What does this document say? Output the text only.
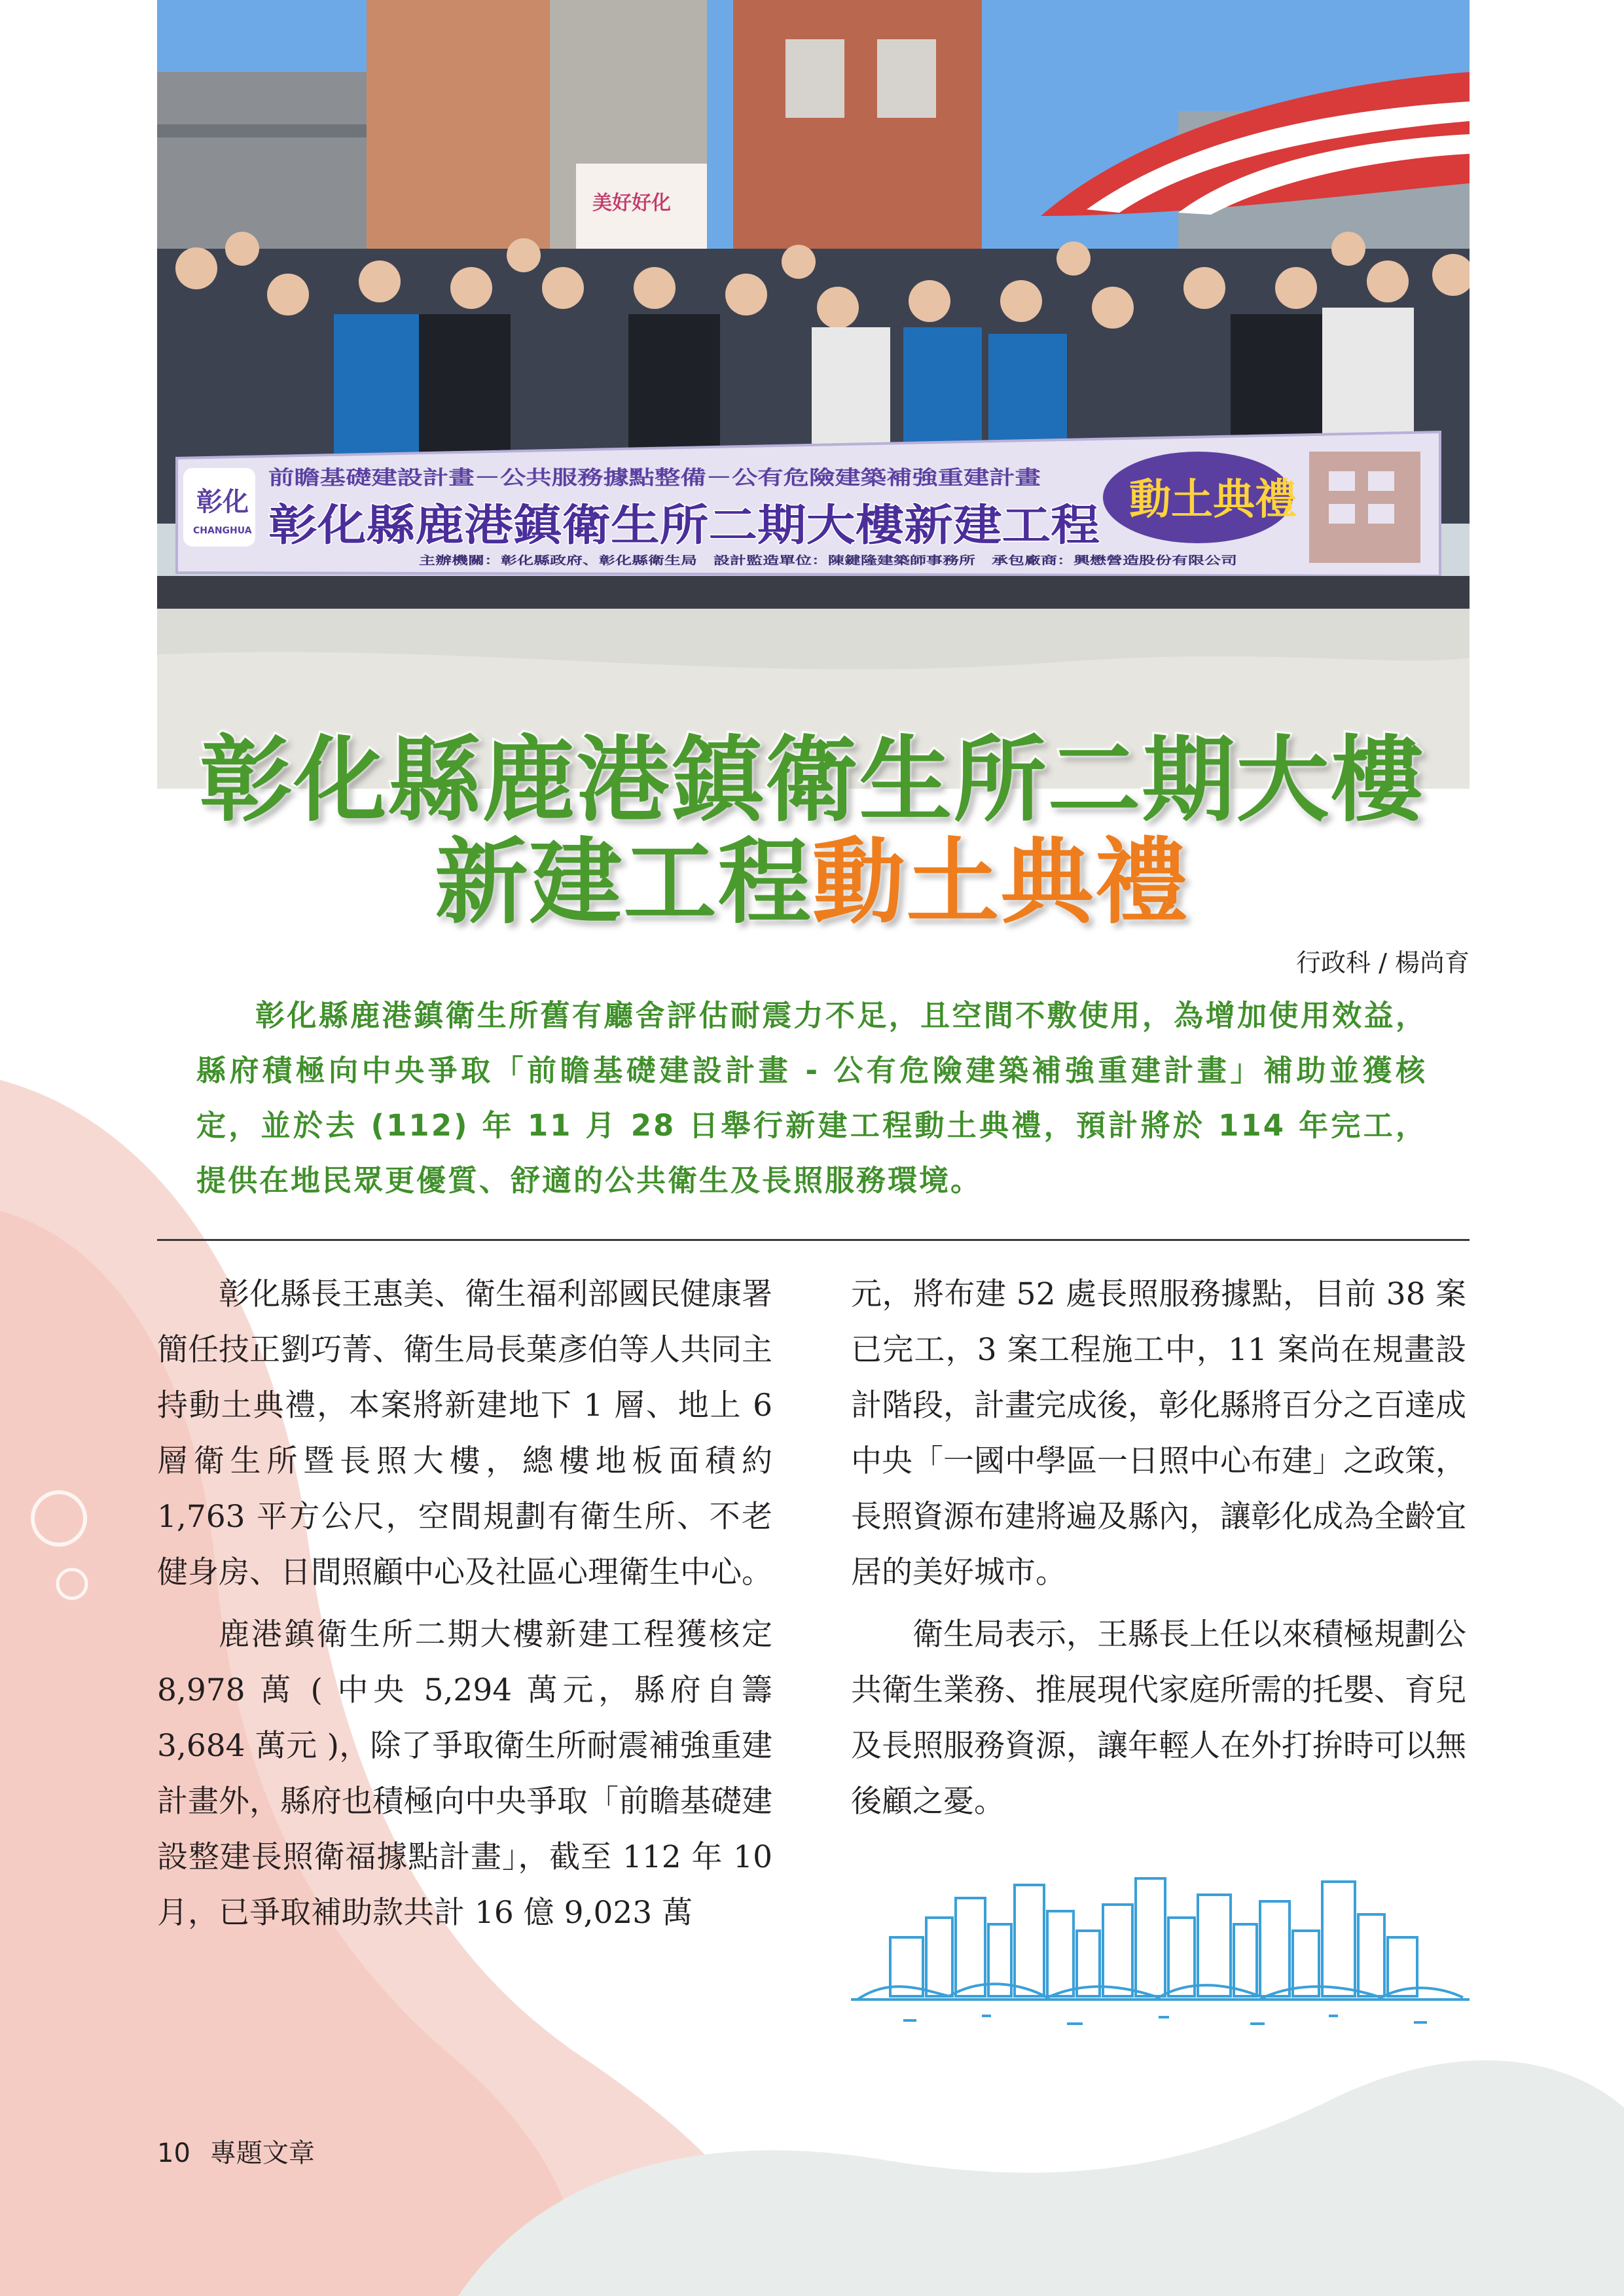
美好好化
彰化
CHANGHUA
前瞻基礎建設計畫－公共服務據點整備－公有危險建築補強重建計畫
彰化縣鹿港鎮衛生所二期大樓新建工程 動土典禮
主辦機關：彰化縣政府、彰化縣衛生局　設計監造單位：陳鍵隆建築師事務所　承包廠商：興懋營造股份有限公司
彰化縣鹿港鎮衛生所二期大樓
新建工程動土典禮
行政科 / 楊尚育
彰化縣鹿港鎮衛生所舊有廳舍評估耐震力不足，且空間不敷使用，為增加使用效益，縣府積極向中央爭取「前瞻基礎建設計畫 - 公有危險建築補強重建計畫」補助並獲核定，並於去 (112) 年 11 月 28 日舉行新建工程動土典禮，預計將於 114 年完工，提供在地民眾更優質、舒適的公共衛生及長照服務環境。

彰化縣長王惠美、衛生福利部國民健康署簡任技正劉巧菁、衛生局長葉彥伯等人共同主持動土典禮，本案將新建地下 1 層、地上 6 層衛生所暨長照大樓，總樓地板面積約 1,763 平方公尺，空間規劃有衛生所、不老健身房、日間照顧中心及社區心理衛生中心。

鹿港鎮衛生所二期大樓新建工程獲核定 8,978 萬 ( 中央 5,294 萬元，縣府自籌 3,684 萬元 )，除了爭取衛生所耐震補強重建計畫外，縣府也積極向中央爭取「前瞻基礎建設整建長照衛福據點計畫」，截至 112 年 10 月，已爭取補助款共計 16 億 9,023 萬

元，將布建 52 處長照服務據點，目前 38 案已完工，3 案工程施工中，11 案尚在規畫設計階段，計畫完成後，彰化縣將百分之百達成中央「一國中學區一日照中心布建」之政策，長照資源布建將遍及縣內，讓彰化成為全齡宜居的美好城市。

衛生局表示，王縣長上任以來積極規劃公共衛生業務、推展現代家庭所需的托嬰、育兒及長照服務資源，讓年輕人在外打拚時可以無後顧之憂。

10 專題文章
